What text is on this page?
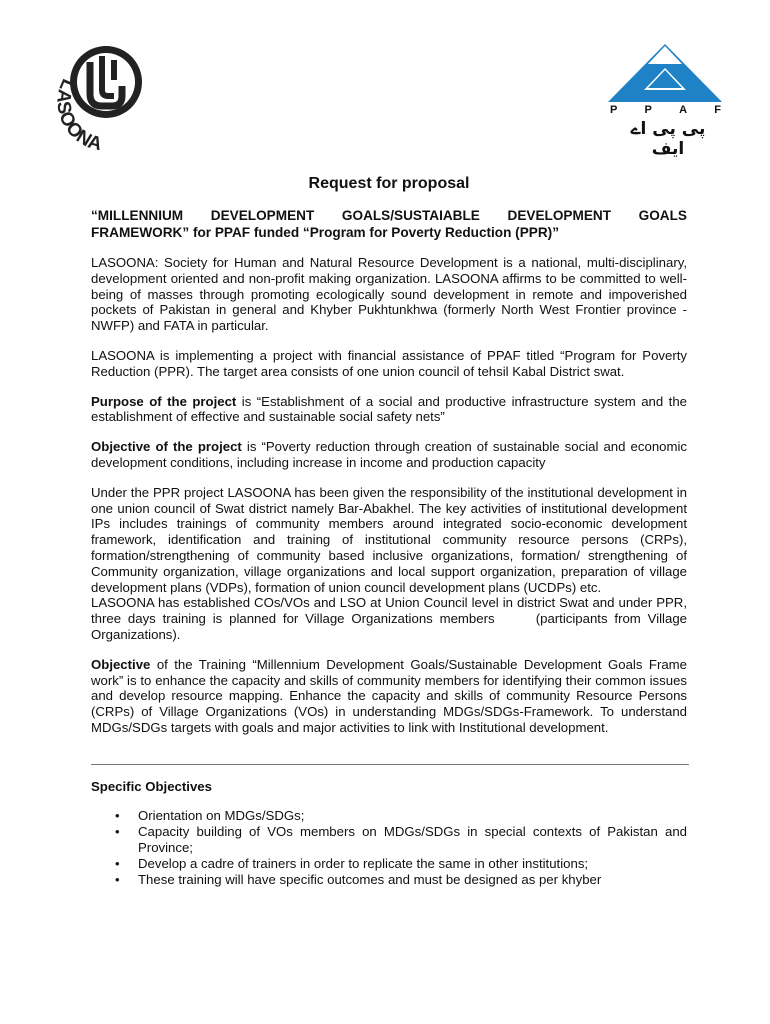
LASOONA
P P A F
پی پی اے ایف
Request for proposal
“MILLENNIUM DEVELOPMENT GOALS/SUSTAIABLE DEVELOPMENT GOALS FRAMEWORK” for PPAF funded “Program for Poverty Reduction (PPR)”

LASOONA: Society for Human and Natural Resource Development is a national, multi-disciplinary, development oriented and non-profit making organization. LASOONA affirms to be committed to well-being of masses through promoting ecologically sound development in remote and impoverished pockets of Pakistan in general and Khyber Pukhtunkhwa (formerly North West Frontier province -NWFP) and FATA in particular.

LASOONA is implementing a project with financial assistance of PPAF titled “Program for Poverty Reduction (PPR). The target area consists of one union council of tehsil Kabal District swat.

Purpose of the project is “Establishment of a social and productive infrastructure system and the establishment of effective and sustainable social safety nets”

Objective of the project is “Poverty reduction through creation of sustainable social and economic development conditions, including increase in income and production capacity

Under the PPR project LASOONA has been given the responsibility of the institutional development in one union council of Swat district namely Bar-Abakhel. The key activities of institutional development IPs includes trainings of community members around integrated socio-economic development framework, identification and training of institutional community resource persons (CRPs), formation/strengthening of community based inclusive organizations, formation/ strengthening of Community organization, village organizations and local support organization, preparation of village development plans (VDPs), formation of union council development plans (UCDPs) etc.

LASOONA has established COs/VOs and LSO at Union Council level in district Swat and under PPR, three days training is planned for Village Organizations members      (participants from Village Organizations).

Objective of the Training “Millennium Development Goals/Sustainable Development Goals Frame work” is to enhance the capacity and skills of community members for identifying their common issues and develop resource mapping. Enhance the capacity and skills of community Resource Persons (CRPs) of Village Organizations (VOs) in understanding MDGs/SDGs-Framework. To understand MDGs/SDGs targets with goals and major activities to link with Institutional development.

Specific Objectives
• Orientation on MDGs/SDGs;
• Capacity building of VOs members on MDGs/SDGs in special contexts of Pakistan and Province;
• Develop a cadre of trainers in order to replicate the same in other institutions;
• These training will have specific outcomes and must be designed as per khyber
